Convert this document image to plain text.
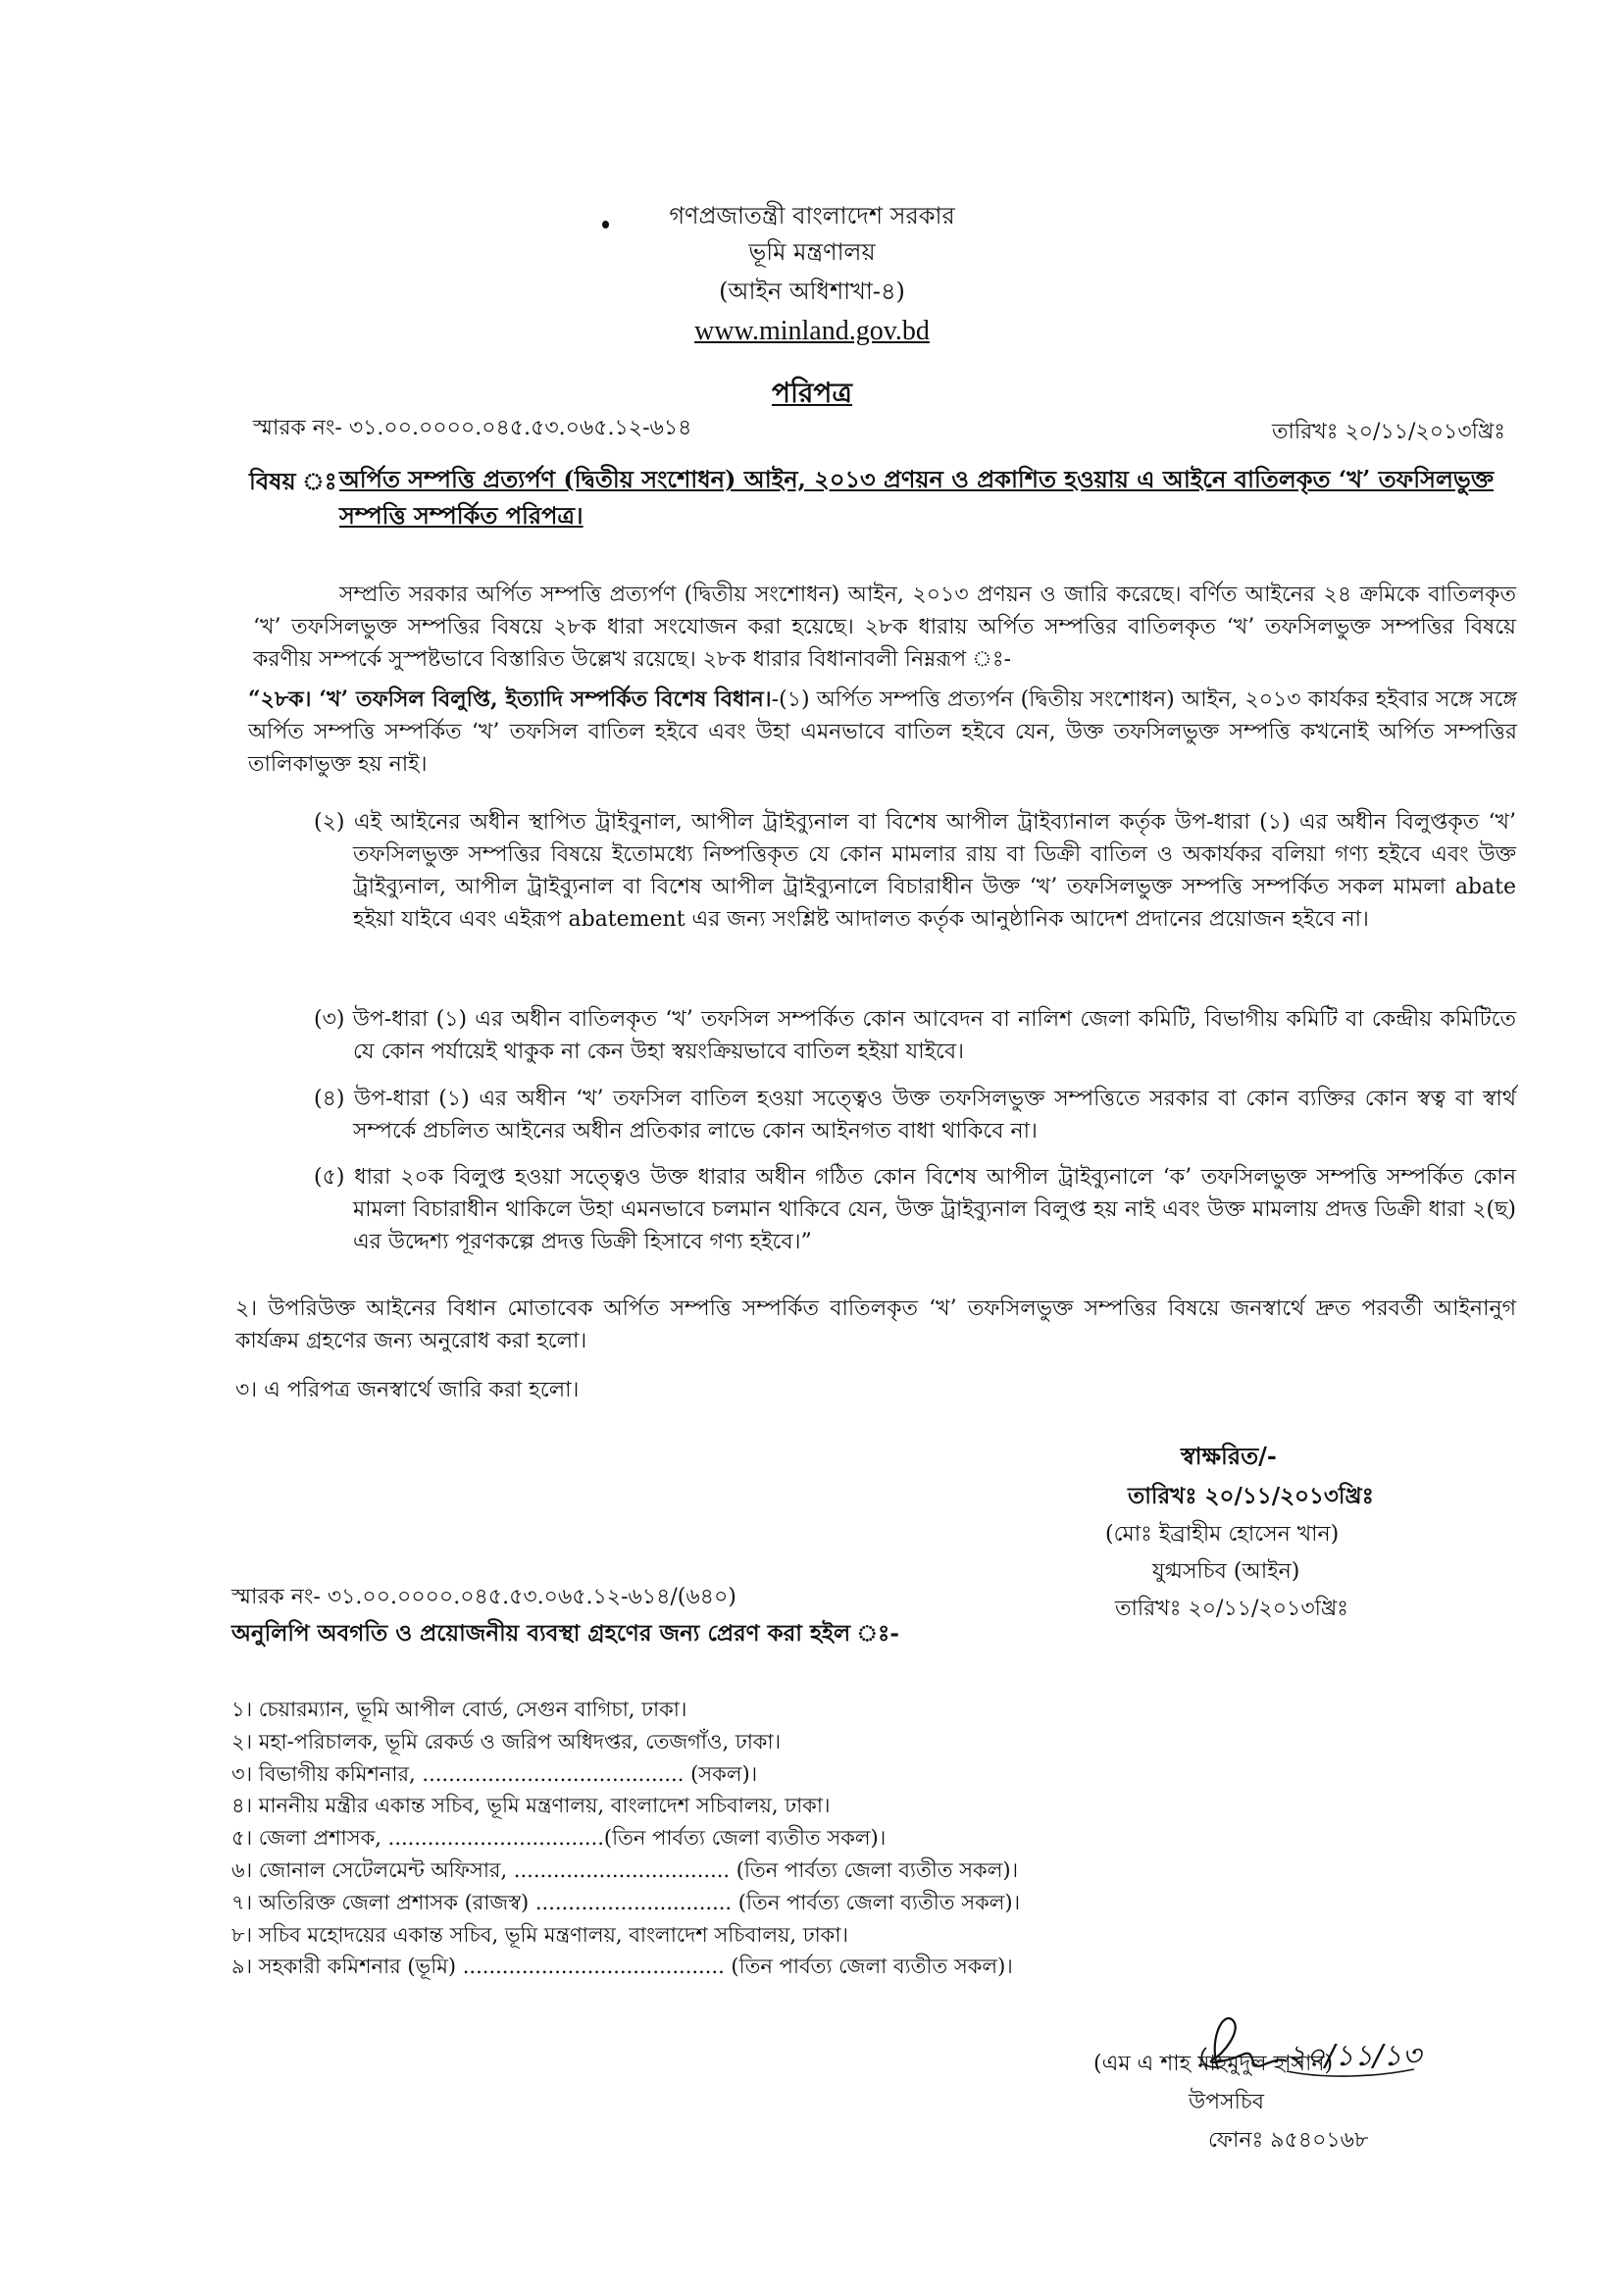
গণপ্রজাতন্ত্রী বাংলাদেশ সরকার
ভূমি মন্ত্রণালয়
(আইন অধিশাখা-৪)
www.minland.gov.bd
পরিপত্র
স্মারক নং- ৩১.০০.০০০০.০৪৫.৫৩.০৬৫.১২-৬১৪	তারিখঃ ২০/১১/২০১৩খ্রিঃ
বিষয় ঃ অর্পিত সম্পত্তি প্রত্যর্পণ (দ্বিতীয় সংশোধন) আইন, ২০১৩ প্রণয়ন ও প্রকাশিত হওয়ায় এ আইনে বাতিলকৃত ‘খ’ তফসিলভুক্ত সম্পত্তি সম্পর্কিত পরিপত্র।
সম্প্রতি সরকার অর্পিত সম্পত্তি প্রত্যর্পণ (দ্বিতীয় সংশোধন) আইন, ২০১৩ প্রণয়ন ও জারি করেছে। বর্ণিত আইনের ২৪ ক্রমিকে বাতিলকৃত ‘খ’ তফসিলভুক্ত সম্পত্তির বিষয়ে ২৮ক ধারা সংযোজন করা হয়েছে। ২৮ক ধারায় অর্পিত সম্পত্তির বাতিলকৃত ‘খ’ তফসিলভুক্ত সম্পত্তির বিষয়ে করণীয় সম্পর্কে সুস্পষ্টভাবে বিস্তারিত উল্লেখ রয়েছে। ২৮ক ধারার বিধানাবলী নিম্নরূপ ঃ-
“২৮ক। ‘খ’ তফসিল বিলুপ্তি, ইত্যাদি সম্পর্কিত বিশেষ বিধান।-(১) অর্পিত সম্পত্তি প্রত্যর্পন (দ্বিতীয় সংশোধন) আইন, ২০১৩ কার্যকর হইবার সঙ্গে সঙ্গে অর্পিত সম্পত্তি সম্পর্কিত ‘খ’ তফসিল বাতিল হইবে এবং উহা এমনভাবে বাতিল হইবে যেন, উক্ত তফসিলভুক্ত সম্পত্তি কখনোই অর্পিত সম্পত্তির তালিকাভুক্ত হয় নাই।
(২) এই আইনের অধীন স্থাপিত ট্রাইবুনাল, আপীল ট্রাইব্যুনাল বা বিশেষ আপীল ট্রাইব্যানাল কর্তৃক উপ-ধারা (১) এর অধীন বিলুপ্তকৃত ‘খ’ তফসিলভুক্ত সম্পত্তির বিষয়ে ইতোমধ্যে নিষ্পত্তিকৃত যে কোন মামলার রায় বা ডিক্রী বাতিল ও অকার্যকর বলিয়া গণ্য হইবে এবং উক্ত ট্রাইব্যুনাল, আপীল ট্রাইব্যুনাল বা বিশেষ আপীল ট্রাইব্যুনালে বিচারাধীন উক্ত ‘খ’ তফসিলভুক্ত সম্পত্তি সম্পর্কিত সকল মামলা abate হইয়া যাইবে এবং এইরূপ abatement এর জন্য সংশ্লিষ্ট আদালত কর্তৃক আনুষ্ঠানিক আদেশ প্রদানের প্রয়োজন হইবে না।
(৩) উপ-ধারা (১) এর অধীন বাতিলকৃত ‘খ’ তফসিল সম্পর্কিত কোন আবেদন বা নালিশ জেলা কমিটি, বিভাগীয় কমিটি বা কেন্দ্রীয় কমিটিতে যে কোন পর্যায়েই থাকুক না কেন উহা স্বয়ংক্রিয়ভাবে বাতিল হইয়া যাইবে।
(৪) উপ-ধারা (১) এর অধীন ‘খ’ তফসিল বাতিল হওয়া সত্ত্বেও উক্ত তফসিলভুক্ত সম্পত্তিতে সরকার বা কোন ব্যক্তির কোন স্বত্ব বা স্বার্থ সম্পর্কে প্রচলিত আইনের অধীন প্রতিকার লাভে কোন আইনগত বাধা থাকিবে না।
(৫) ধারা ২০ক বিলুপ্ত হওয়া সত্ত্বেও উক্ত ধারার অধীন গঠিত কোন বিশেষ আপীল ট্রাইব্যুনালে ‘ক’ তফসিলভুক্ত সম্পত্তি সম্পর্কিত কোন মামলা বিচারাধীন থাকিলে উহা এমনভাবে চলমান থাকিবে যেন, উক্ত ট্রাইব্যুনাল বিলুপ্ত হয় নাই এবং উক্ত মামলায় প্রদত্ত ডিক্রী ধারা ২(ছ) এর উদ্দেশ্য পূরণকল্পে প্রদত্ত ডিক্রী হিসাবে গণ্য হইবে।”
২। উপরিউক্ত আইনের বিধান মোতাবেক অর্পিত সম্পত্তি সম্পর্কিত বাতিলকৃত ‘খ’ তফসিলভুক্ত সম্পত্তির বিষয়ে জনস্বার্থে দ্রুত পরবর্তী আইনানুগ কার্যক্রম গ্রহণের জন্য অনুরোধ করা হলো।
৩। এ পরিপত্র জনস্বার্থে জারি করা হলো।
স্বাক্ষরিত/-
তারিখঃ ২০/১১/২০১৩খ্রিঃ
(মোঃ ইব্রাহীম হোসেন খান)
যুগ্মসচিব (আইন)
তারিখঃ ২০/১১/২০১৩খ্রিঃ
স্মারক নং- ৩১.০০.০০০০.০৪৫.৫৩.০৬৫.১২-৬১৪/(৬৪০)
অনুলিপি অবগতি ও প্রয়োজনীয় ব্যবস্থা গ্রহণের জন্য প্রেরণ করা হইল ঃ-
১। চেয়ারম্যান, ভূমি আপীল বোর্ড, সেগুন বাগিচা, ঢাকা।
২। মহা-পরিচালক, ভূমি রেকর্ড ও জরিপ অধিদপ্তর, তেজগাঁও, ঢাকা।
৩। বিভাগীয় কমিশনার, ........................................ (সকল)।
৪। মাননীয় মন্ত্রীর একান্ত সচিব, ভূমি মন্ত্রণালয়, বাংলাদেশ সচিবালয়, ঢাকা।
৫। জেলা প্রশাসক, .................................(তিন পার্বত্য জেলা ব্যতীত সকল)।
৬। জোনাল সেটেলমেন্ট অফিসার, ................................. (তিন পার্বত্য জেলা ব্যতীত সকল)।
৭। অতিরিক্ত জেলা প্রশাসক (রাজস্ব) .............................. (তিন পার্বত্য জেলা ব্যতীত সকল)।
৮। সচিব মহোদয়ের একান্ত সচিব, ভূমি মন্ত্রণালয়, বাংলাদেশ সচিবালয়, ঢাকা।
৯। সহকারী কমিশনার (ভূমি) ........................................ (তিন পার্বত্য জেলা ব্যতীত সকল)।
২০/১১/১৩
(এম এ শাহ মাহমুদুল হাসান)
উপসচিব
ফোনঃ ৯৫৪০১৬৮
